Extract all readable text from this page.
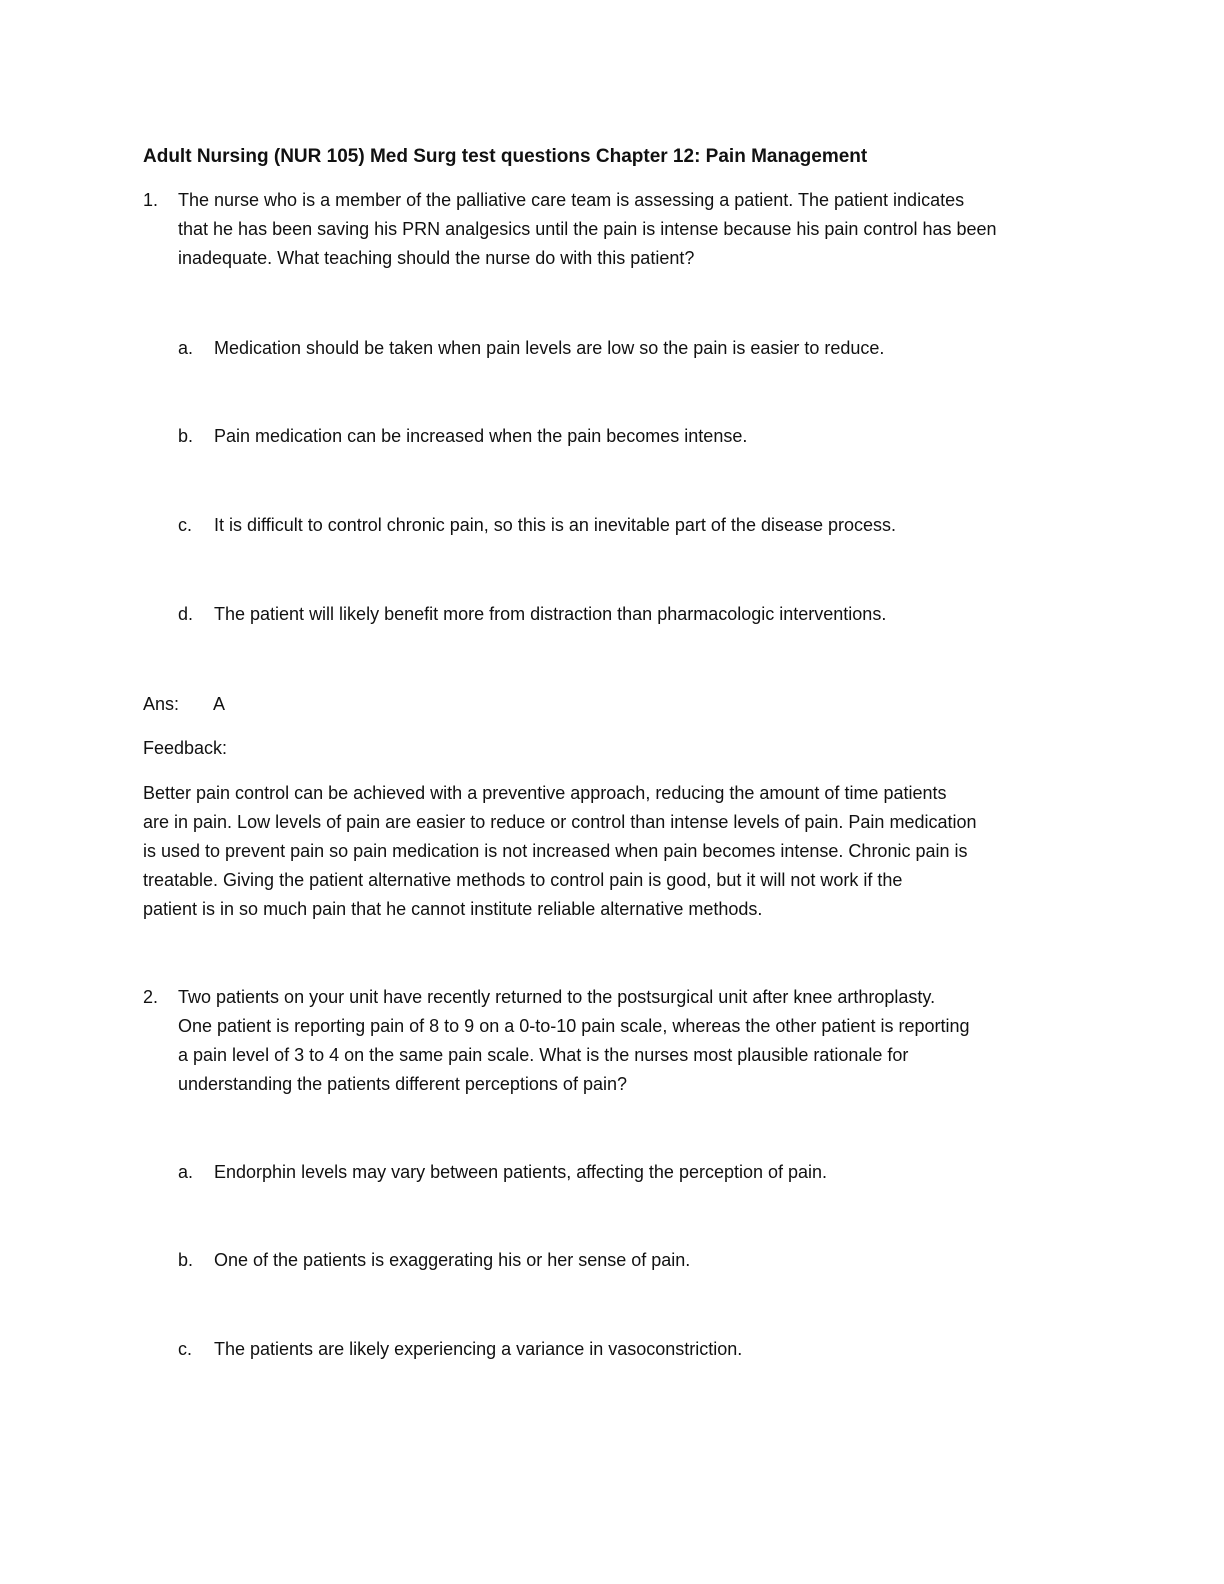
Adult Nursing (NUR 105) Med Surg test questions Chapter 12: Pain Management
1. The nurse who is a member of the palliative care team is assessing a patient. The patient indicates
that he has been saving his PRN analgesics until the pain is intense because his pain control has been
inadequate. What teaching should the nurse do with this patient?
a. Medication should be taken when pain levels are low so the pain is easier to reduce.
b. Pain medication can be increased when the pain becomes intense.
c. It is difficult to control chronic pain, so this is an inevitable part of the disease process.
d. The patient will likely benefit more from distraction than pharmacologic interventions.
Ans: A
Feedback:
Better pain control can be achieved with a preventive approach, reducing the amount of time patients
are in pain. Low levels of pain are easier to reduce or control than intense levels of pain. Pain medication
is used to prevent pain so pain medication is not increased when pain becomes intense. Chronic pain is
treatable. Giving the patient alternative methods to control pain is good, but it will not work if the
patient is in so much pain that he cannot institute reliable alternative methods.
2. Two patients on your unit have recently returned to the postsurgical unit after knee arthroplasty.
One patient is reporting pain of 8 to 9 on a 0-to-10 pain scale, whereas the other patient is reporting
a pain level of 3 to 4 on the same pain scale. What is the nurses most plausible rationale for
understanding the patients different perceptions of pain?
a. Endorphin levels may vary between patients, affecting the perception of pain.
b. One of the patients is exaggerating his or her sense of pain.
c. The patients are likely experiencing a variance in vasoconstriction.
